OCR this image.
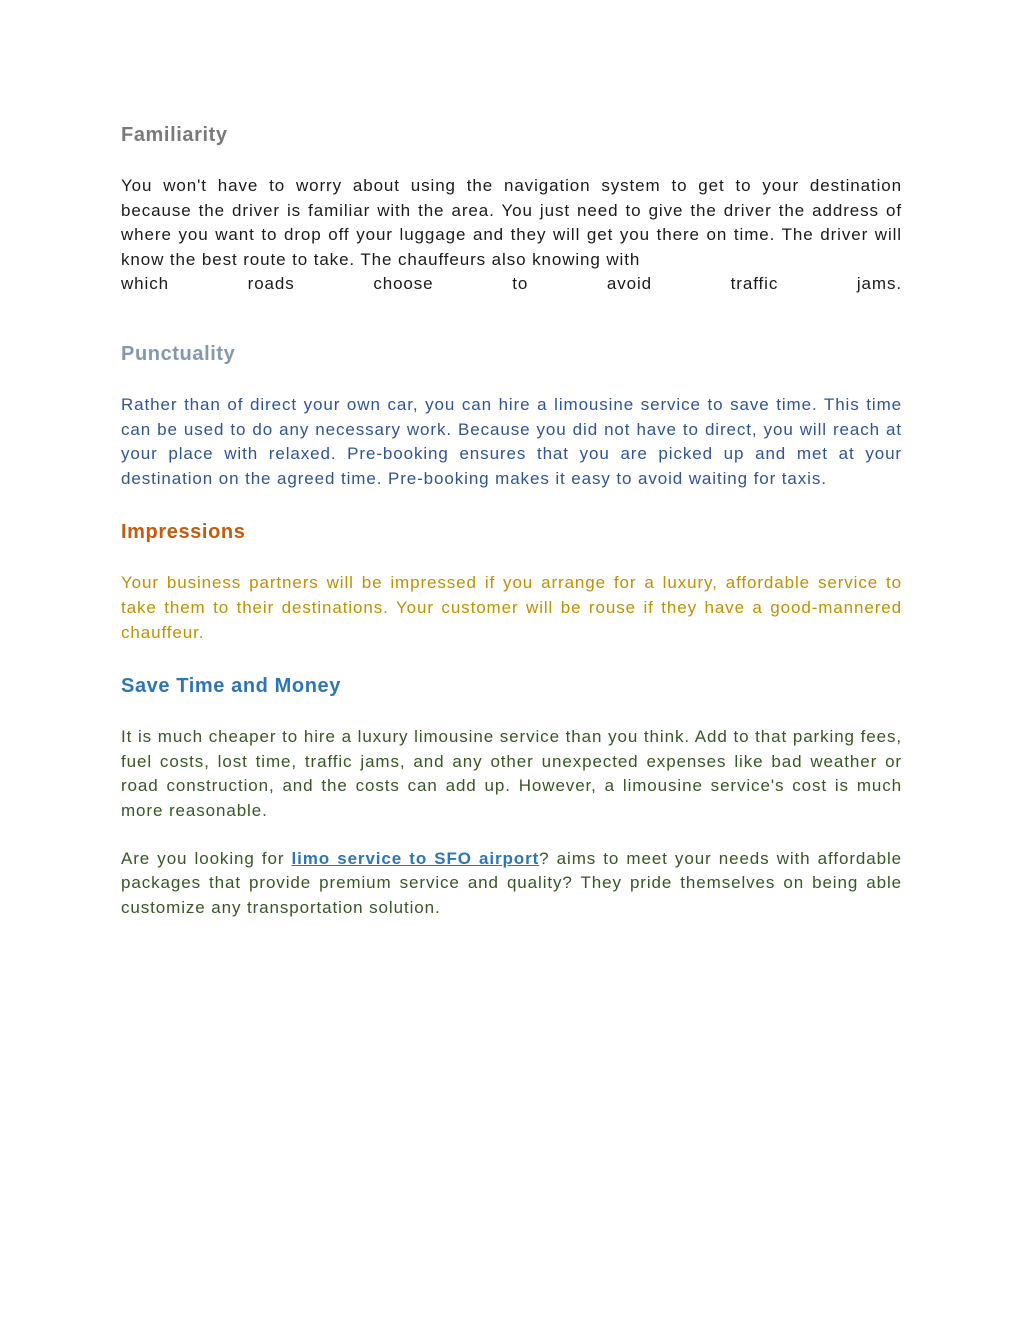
Familiarity

You won't have to worry about using the navigation system to get to your destination because the driver is familiar with the area. You just need to give the driver the address of where you want to drop off your luggage and they will get you there on time. The driver will know the best route to take. The chauffeurs also knowing with
which roads choose to avoid traffic jams.

Punctuality

Rather than of direct your own car, you can hire a limousine service to save time. This time can be used to do any necessary work. Because you did not have to direct, you will reach at your place with relaxed. Pre-booking ensures that you are picked up and met at your destination on the agreed time. Pre-booking makes it easy to avoid waiting for taxis.

Impressions

Your business partners will be impressed if you arrange for a luxury, affordable service to take them to their destinations. Your customer will be rouse if they have a good-mannered chauffeur.

Save Time and Money

It is much cheaper to hire a luxury limousine service than you think. Add to that parking fees, fuel costs, lost time, traffic jams, and any other unexpected expenses like bad weather or road construction, and the costs can add up. However, a limousine service's cost is much more reasonable.

Are you looking for limo service to SFO airport? aims to meet your needs with affordable packages that provide premium service and quality? They pride themselves on being able customize any transportation solution.
